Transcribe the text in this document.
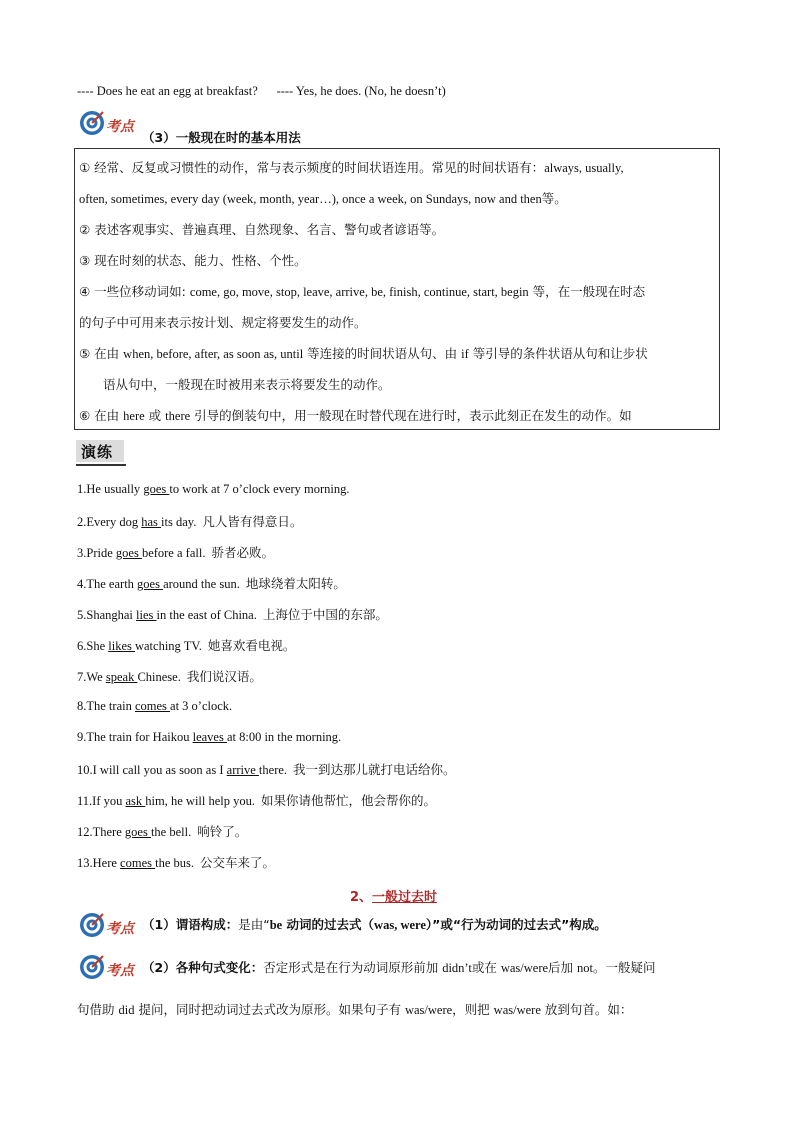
---- Does he eat an egg at breakfast? ---- Yes, he does. (No, he doesn’t)
考点
（3）一般现在时的基本用法
① 经常、反复或习惯性的动作，常与表示频度的时间状语连用。常见的时间状语有：always, usually,
often, sometimes, every day (week, month, year…), once a week, on Sundays, now and then等。
② 表述客观事实、普遍真理、自然现象、名言、警句或者谚语等。
③ 现在时刻的状态、能力、性格、个性。
④ 一些位移动词如: come, go, move, stop, leave, arrive, be, finish, continue, start, begin 等，在一般现在时态
的句子中可用来表示按计划、规定将要发生的动作。
⑤ 在由 when, before, after, as soon as, until 等连接的时间状语从句、由 if 等引导的条件状语从句和让步状
语从句中，一般现在时被用来表示将要发生的动作。
⑥ 在由 here 或 there 引导的倒装句中，用一般现在时替代现在进行时，表示此刻正在发生的动作。如
演练
1.He usually goes to work at 7 o’clock every morning.
2.Every dog has its day. 凡人皆有得意日。
3.Pride goes before a fall. 骄者必败。
4.The earth goes around the sun. 地球绕着太阳转。
5.Shanghai lies in the east of China. 上海位于中国的东部。
6.She likes watching TV. 她喜欢看电视。
7.We speak Chinese. 我们说汉语。
8.The train comes at 3 o’clock.
9.The train for Haikou leaves at 8:00 in the morning.
10.I will call you as soon as I arrive there. 我一到达那儿就打电话给你。
11.If you ask him, he will help you. 如果你请他帮忙，他会帮你的。
12.There goes the bell. 响铃了。
13.Here comes the bus. 公交车来了。
2、一般过去时
考点 （1）谓语构成：是由“be 动词的过去式（was, were）”或“行为动词的过去式”构成。
考点 （2）各种句式变化：否定形式是在行为动词原形前加 didn’t或在 was/were后加 not。一般疑问
句借助 did 提问，同时把动词过去式改为原形。如果句子有 was/were，则把 was/were 放到句首。如：
